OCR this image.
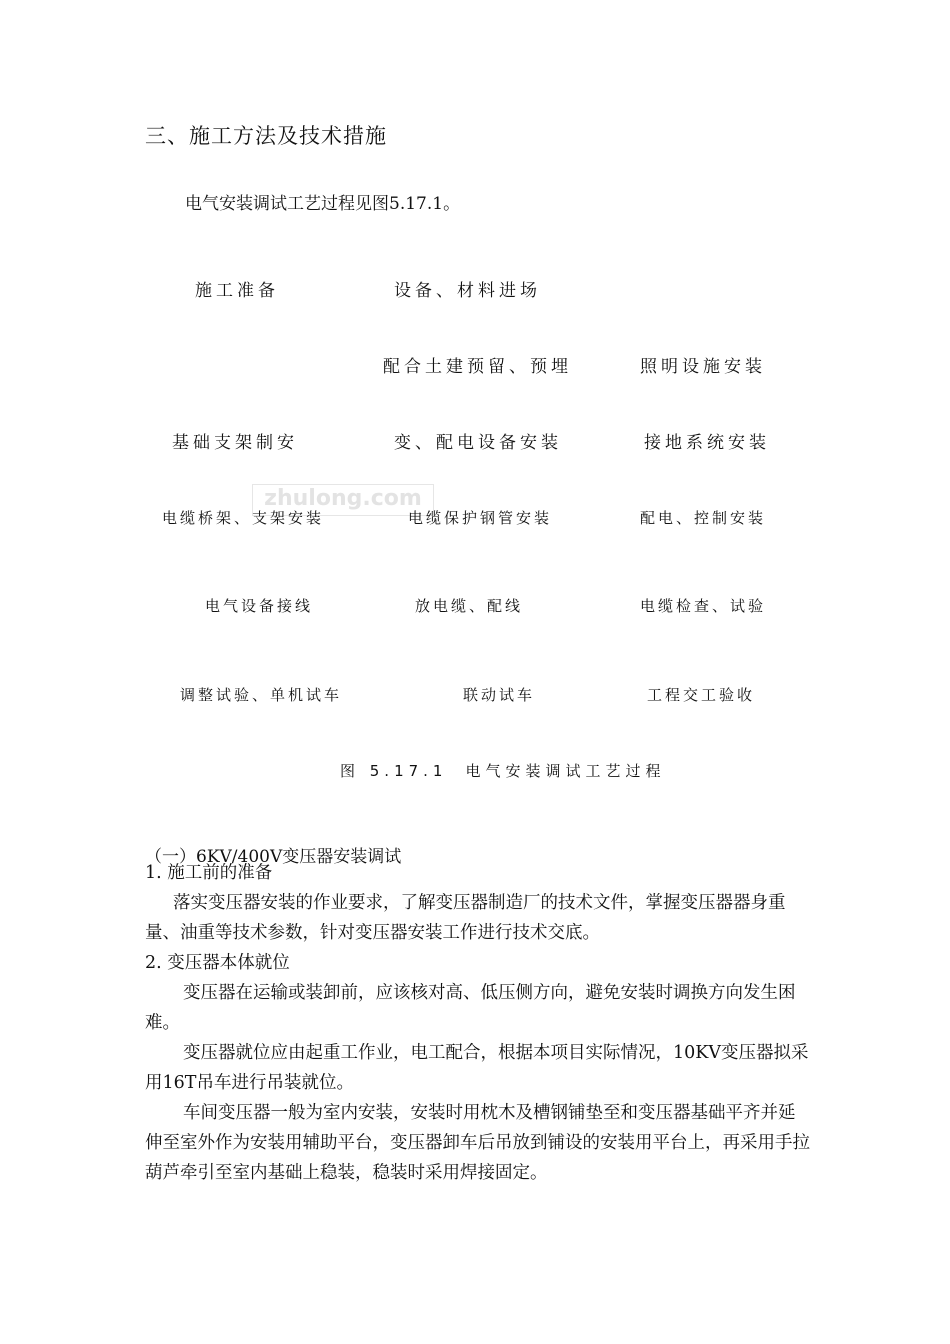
三、施工方法及技术措施
电气安装调试工艺过程见图5.17.1。
施工准备	设备、材料进场
配合土建预留、预埋	照明设施安装
基础支架制安	变、配电设备安装	接地系统安装
zhulong.com
电缆桥架、支架安装	电缆保护钢管安装	配电、控制安装
电气设备接线	放电缆、配线	电缆检查、试验
调整试验、单机试车	联动试车	工程交工验收
图 5.17.1 电气安装调试工艺过程
（一）6KV/400V变压器安装调试

1. 施工前的准备

落实变压器安装的作业要求，了解变压器制造厂的技术文件，掌握变压器器身重量、油重等技术参数，针对变压器安装工作进行技术交底。

2. 变压器本体就位

变压器在运输或装卸前，应该核对高、低压侧方向，避免安装时调换方向发生困难。

变压器就位应由起重工作业，电工配合，根据本项目实际情况，10KV变压器拟采用16T吊车进行吊装就位。

车间变压器一般为室内安装，安装时用枕木及槽钢铺垫至和变压器基础平齐并延伸至室外作为安装用辅助平台，变压器卸车后吊放到铺设的安装用平台上，再采用手拉葫芦牵引至室内基础上稳装，稳装时采用焊接固定。
